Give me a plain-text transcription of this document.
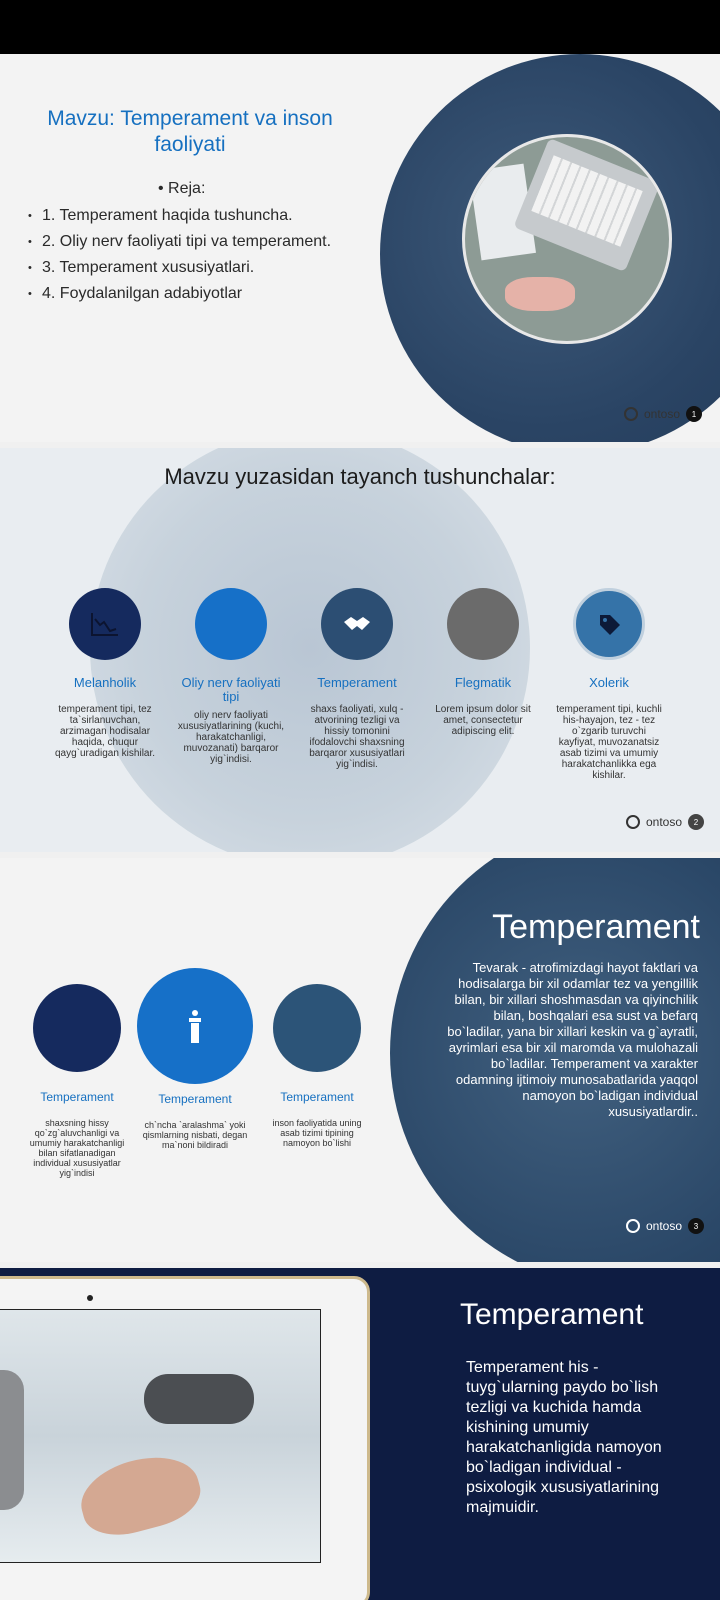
Mavzu: Temperament va inson faoliyati
• Reja:
• 1. Temperament haqida tushuncha.
• 2. Oliy nerv faoliyati tipi va temperament.
• 3. Temperament xususiyatlari.
• 4. Foydalanilgan adabiyotlar
ontoso	1
Mavzu yuzasidan tayanch tushunchalar:
Melanholik
temperament tipi, tez ta`sirlanuvchan, arzimagan hodisalar haqida, chuqur qayg`uradigan kishilar.
Oliy nerv faoliyati tipi
oliy nerv faoliyati xususiyatlarining (kuchi, harakatchanligi, muvozanati) barqaror yig`indisi.
Temperament
shaxs faoliyati, xulq -atvorining tezligi va hissiy tomonini ifodalovchi shaxsning barqaror xususiyatlari yig`indisi.
Flegmatik
Lorem ipsum dolor sit amet, consectetur adipiscing elit.
Xolerik
temperament tipi, kuchli his-hayajon, tez - tez o`zgarib turuvchi kayfiyat, muvozanatsiz asab tizimi va umumiy harakatchanlikka ega kishilar.
ontoso	2
Temperament
Tevarak - atrofimizdagi hayot faktlari va hodisalarga bir xil odamlar tez va yengillik bilan, bir xillari shoshmasdan va qiyinchilik bilan, boshqalari esa sust va befarq bo`ladilar, yana bir xillari keskin va g`ayratli, ayrimlari esa bir xil maromda va mulohazali bo`ladilar. Temperament va xarakter odamning ijtimoiy munosabatlarida yaqqol namoyon bo`ladigan individual xususiyatlardir..
Temperament
shaxsning hissy qo`zg`aluvchanligi va umumiy harakatchanligi bilan sifatlanadigan individual xususiyatlar yig`indisi
Temperament
ch`ncha `aralashma` yoki qismlarning nisbati, degan ma`noni bildiradi
Temperament
inson faoliyatida uning asab tizimi tipining namoyon bo`lishi
ontoso	3
Temperament
Temperament his - tuyg`ularning paydo bo`lish tezligi va kuchida hamda kishining umumiy harakatchanligida namoyon bo`ladigan individual - psixologik xususiyatlarining majmuidir.
